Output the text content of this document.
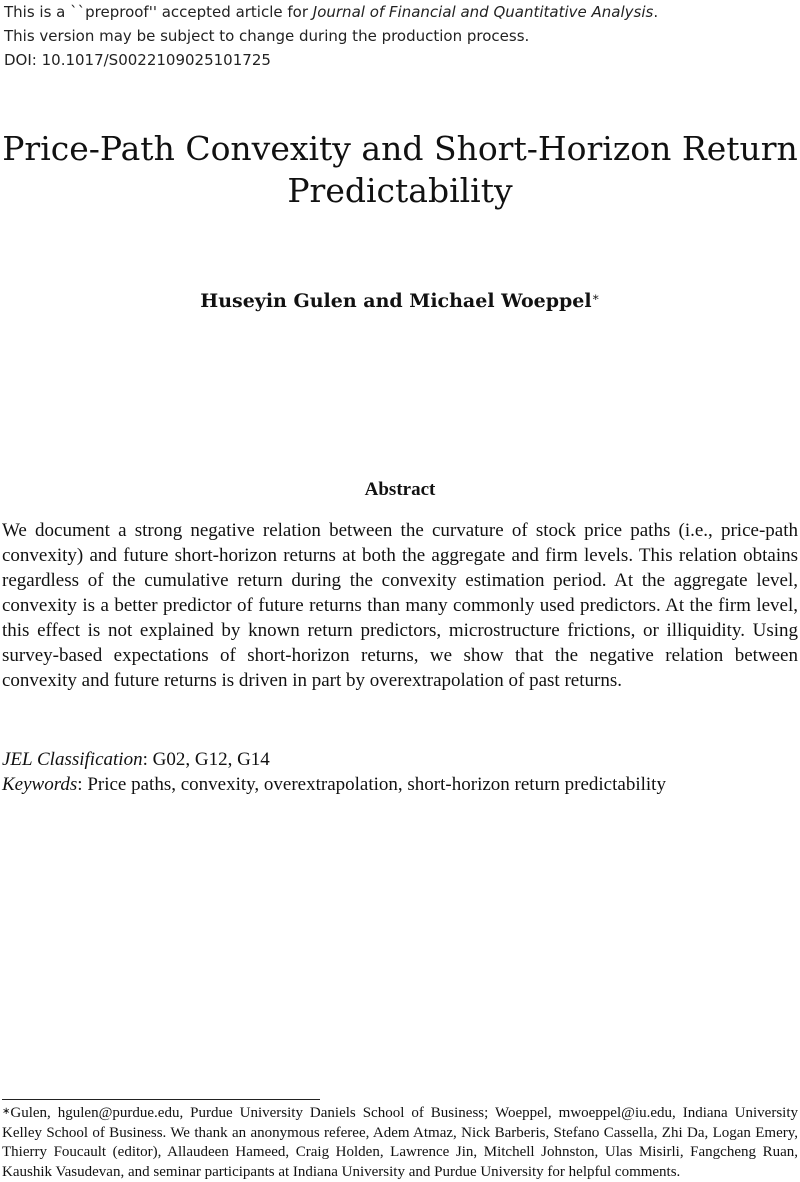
This is a ``preproof'' accepted article for Journal of Financial and Quantitative Analysis.
This version may be subject to change during the production process.
DOI: 10.1017/S0022109025101725
Price-Path Convexity and Short-Horizon Return Predictability
Huseyin Gulen and Michael Woeppel∗
Abstract
We document a strong negative relation between the curvature of stock price paths (i.e., price-path convexity) and future short-horizon returns at both the aggregate and firm levels. This relation obtains regardless of the cumulative return during the convexity estimation period. At the aggregate level, convexity is a better predictor of future returns than many commonly used predictors. At the firm level, this effect is not explained by known return predictors, microstructure frictions, or illiquidity. Using survey-based expectations of short-horizon returns, we show that the negative relation between convexity and future returns is driven in part by overextrapolation of past returns.
JEL Classification: G02, G12, G14
Keywords: Price paths, convexity, overextrapolation, short-horizon return predictability
∗Gulen, hgulen@purdue.edu, Purdue University Daniels School of Business; Woeppel, mwoeppel@iu.edu, Indiana University Kelley School of Business. We thank an anonymous referee, Adem Atmaz, Nick Barberis, Stefano Cassella, Zhi Da, Logan Emery, Thierry Foucault (editor), Allaudeen Hameed, Craig Holden, Lawrence Jin, Mitchell Johnston, Ulas Misirli, Fangcheng Ruan, Kaushik Vasudevan, and seminar participants at Indiana University and Purdue University for helpful comments.
